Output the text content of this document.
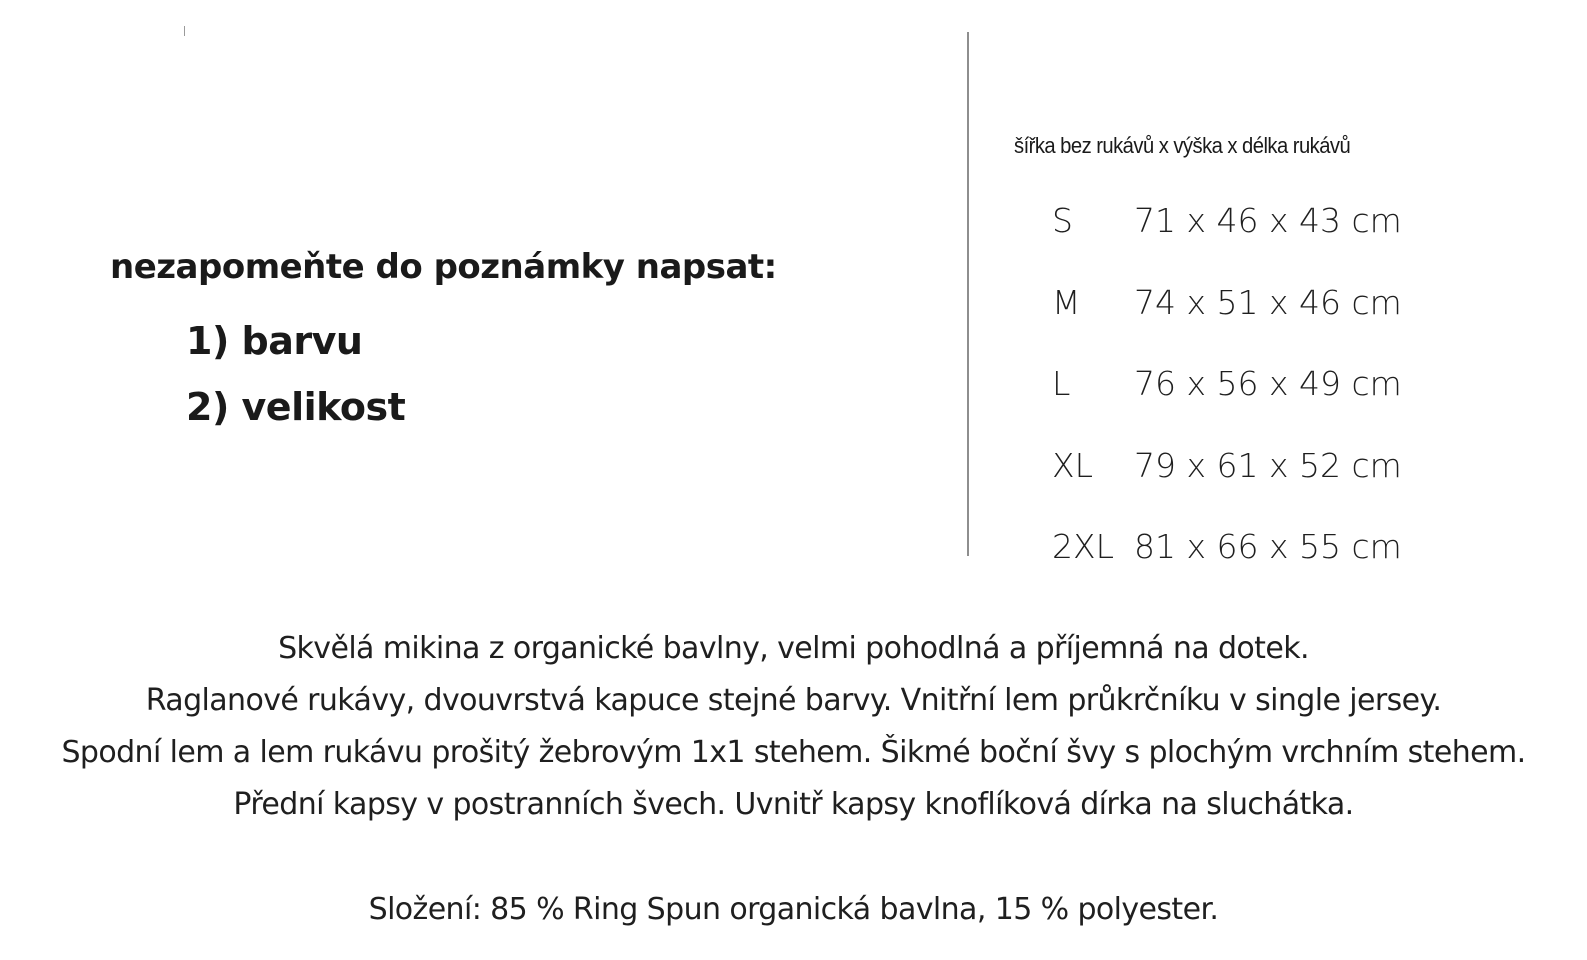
nezapomeňte do poznámky napsat:
1) barvu
2) velikost
šířka bez rukávů x výška x délka rukávů
S	71 x 46 x 43 cm
M	74 x 51 x 46 cm
L	76 x 56 x 49 cm
XL	79 x 61 x 52 cm
2XL	81 x 66 x 55 cm

Skvělá mikina z organické bavlny, velmi pohodlná a příjemná na dotek.

Raglanové rukávy, dvouvrstvá kapuce stejné barvy. Vnitřní lem průkrčníku v single jersey.

Spodní lem a lem rukávu prošitý žebrovým 1x1 stehem. Šikmé boční švy s plochým vrchním stehem.

Přední kapsy v postranních švech. Uvnitř kapsy knoflíková dírka na sluchátka.

Složení: 85 % Ring Spun organická bavlna, 15 % polyester.
